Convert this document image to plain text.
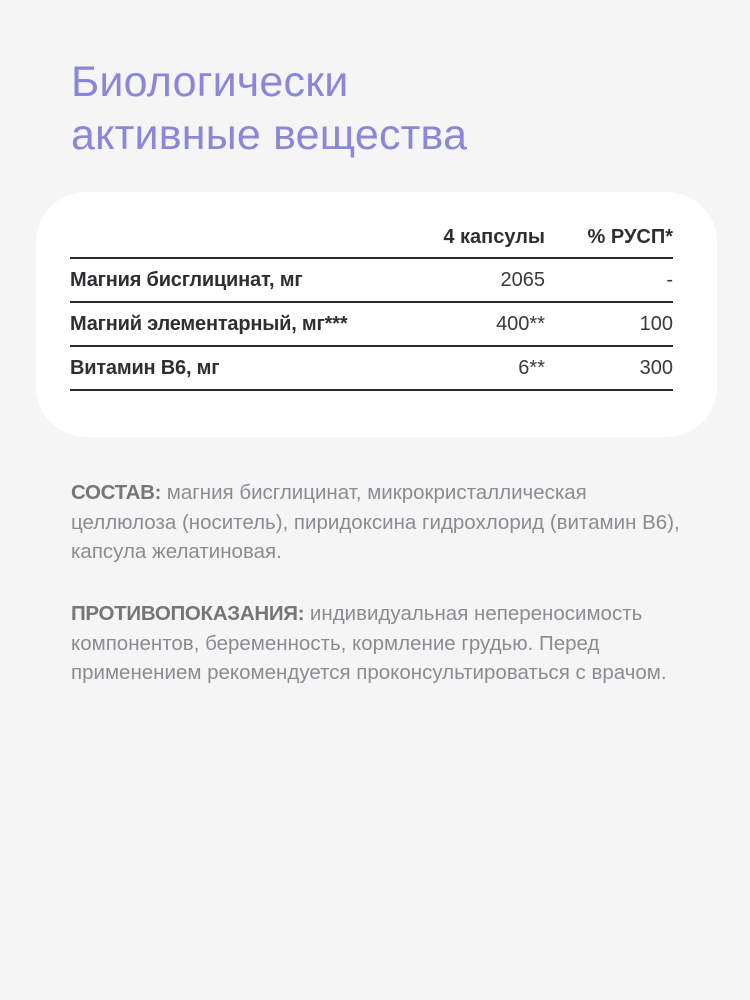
Биологически
активные вещества
	4 капсулы	% РУСП*
Магния бисглицинат, мг	2065	-
Магний элементарный, мг***	400**	100
Витамин В6, мг	6**	300

СОСТАВ: магния бисглицинат, микрокристаллическая целлюлоза (носитель), пиридоксина гидрохлорид (витамин В6), капсула желатиновая.

ПРОТИВОПОКАЗАНИЯ: индивидуальная непереносимость компонентов, беременность, кормление грудью. Перед применением рекомендуется проконсультироваться с врачом.
